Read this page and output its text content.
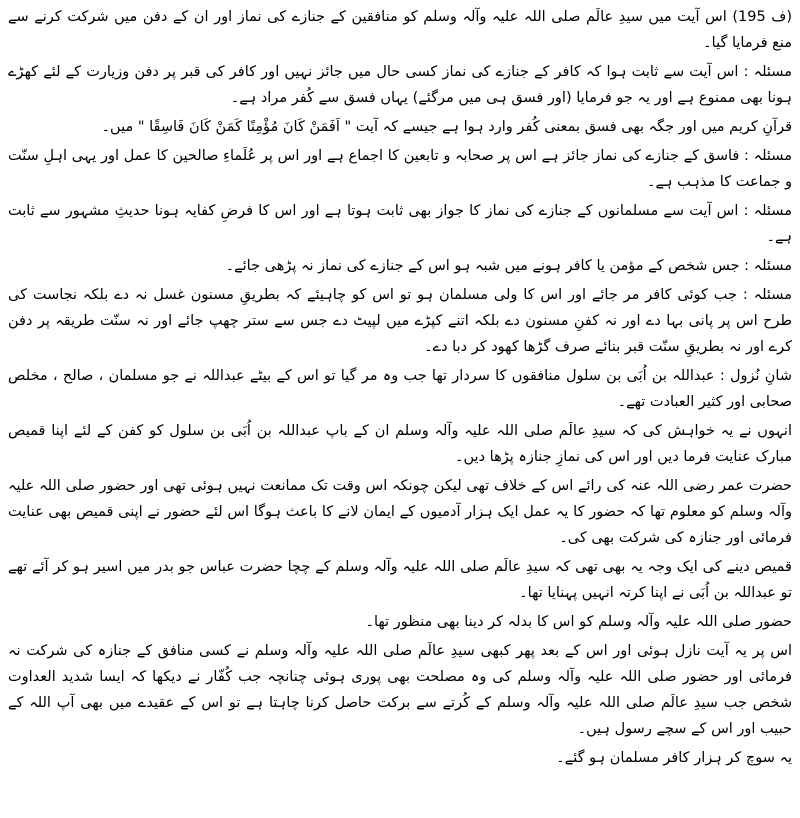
(ف 195) اس آیت میں سیدِ عالَم صلی اللہ علیہ وآلہ وسلم کو منافقین کے جنازے کی نماز اور ان کے دفن میں شرکت کرنے سے منع فرمایا گیا۔

مسئلہ : اس آیت سے ثابت ہوا کہ کافر کے جنازے کی نماز کسی حال میں جائز نہیں اور کافر کی قبر پر دفن وزیارت کے لئے کھڑے ہونا بھی ممنوع ہے اور یہ جو فرمایا (اور فسق ہی میں مرگئے) یہاں فسق سے کُفر مراد ہے۔

قرآنِ کریم میں اور جگہ بھی فسق بمعنی کُفر وارد ہوا ہے جیسے کہ آیت " اَفَمَنْ کَانَ مُؤْمِنًا کَمَنْ کَانَ فَاسِقًا " میں۔

مسئلہ : فاسق کے جنازے کی نماز جائز ہے اس پر صحابہ و تابعین کا اجماع ہے اور اس پر عُلَماءِ صالحین کا عمل اور یہی اہلِ سنّت و جماعت کا مذہب ہے۔

مسئلہ : اس آیت سے مسلمانوں کے جنازے کی نماز کا جواز بھی ثابت ہوتا ہے اور اس کا فرضِ کفایہ ہونا حدیثِ مشہور سے ثابت ہے۔

مسئلہ : جس شخص کے مؤمن یا کافر ہونے میں شبہ ہو اس کے جنازے کی نماز نہ پڑھی جائے۔

مسئلہ : جب کوئی کافر مر جائے اور اس کا ولی مسلمان ہو تو اس کو چاہیئے کہ بطریقِ مسنون غسل نہ دے بلکہ نجاست کی طرح اس پر پانی بہا دے اور نہ کفنِ مسنون دے بلکہ اتنے کپڑے میں لپیٹ دے جس سے ستر چھپ جائے اور نہ سنّت طریقہ پر دفن کرے اور نہ بطریقِ سنّت قبر بنائے صرف گڑھا کھود کر دبا دے۔

شانِ نُزول : عبداللہ بن اُبَی بن سلول منافقوں کا سردار تھا جب وہ مر گیا تو اس کے بیٹے عبداللہ نے جو مسلمان ، صالح ، مخلص صحابی اور کثیر العبادت تھے۔

انہوں نے یہ خواہش کی کہ سیدِ عالَم صلی اللہ علیہ وآلہ وسلم ان کے باپ عبداللہ بن اُبَی بن سلول کو کفن کے لئے اپنا قمیص مبارک عنایت فرما دیں اور اس کی نمازِ جنازہ پڑھا دیں۔

حضرت عمر رضی اللہ عنہ کی رائے اس کے خلاف تھی لیکن چونکہ اس وقت تک ممانعت نہیں ہوئی تھی اور حضور صلی اللہ علیہ وآلہ وسلم کو معلوم تھا کہ حضور کا یہ عمل ایک ہزار آدمیوں کے ایمان لانے کا باعث ہوگا اس لئے حضور نے اپنی قمیص بھی عنایت فرمائی اور جنازہ کی شرکت بھی کی۔

قمیص دینے کی ایک وجہ یہ بھی تھی کہ سیدِ عالَم صلی اللہ علیہ وآلہ وسلم کے چچا حضرت عباس جو بدر میں اسیر ہو کر آئے تھے تو عبداللہ بن اُبَی نے اپنا کرتہ انہیں پہنایا تھا۔

حضور صلی اللہ علیہ وآلہ وسلم کو اس کا بدلہ کر دینا بھی منظور تھا۔

اس پر یہ آیت نازل ہوئی اور اس کے بعد پھر کبھی سیدِ عالَم صلی اللہ علیہ وآلہ وسلم نے کسی منافق کے جنازہ کی شرکت نہ فرمائی اور حضور صلی اللہ علیہ وآلہ وسلم کی وہ مصلحت بھی پوری ہوئی چنانچہ جب کُفّار نے دیکھا کہ ایسا شدید العداوت شخص جب سیدِ عالَم صلی اللہ علیہ وآلہ وسلم کے کُرتے سے برکت حاصل کرنا چاہتا ہے تو اس کے عقیدے میں بھی آپ اللہ کے حبیب اور اس کے سچے رسول ہیں۔

یہ سوچ کر ہزار کافر مسلمان ہو گئے۔
